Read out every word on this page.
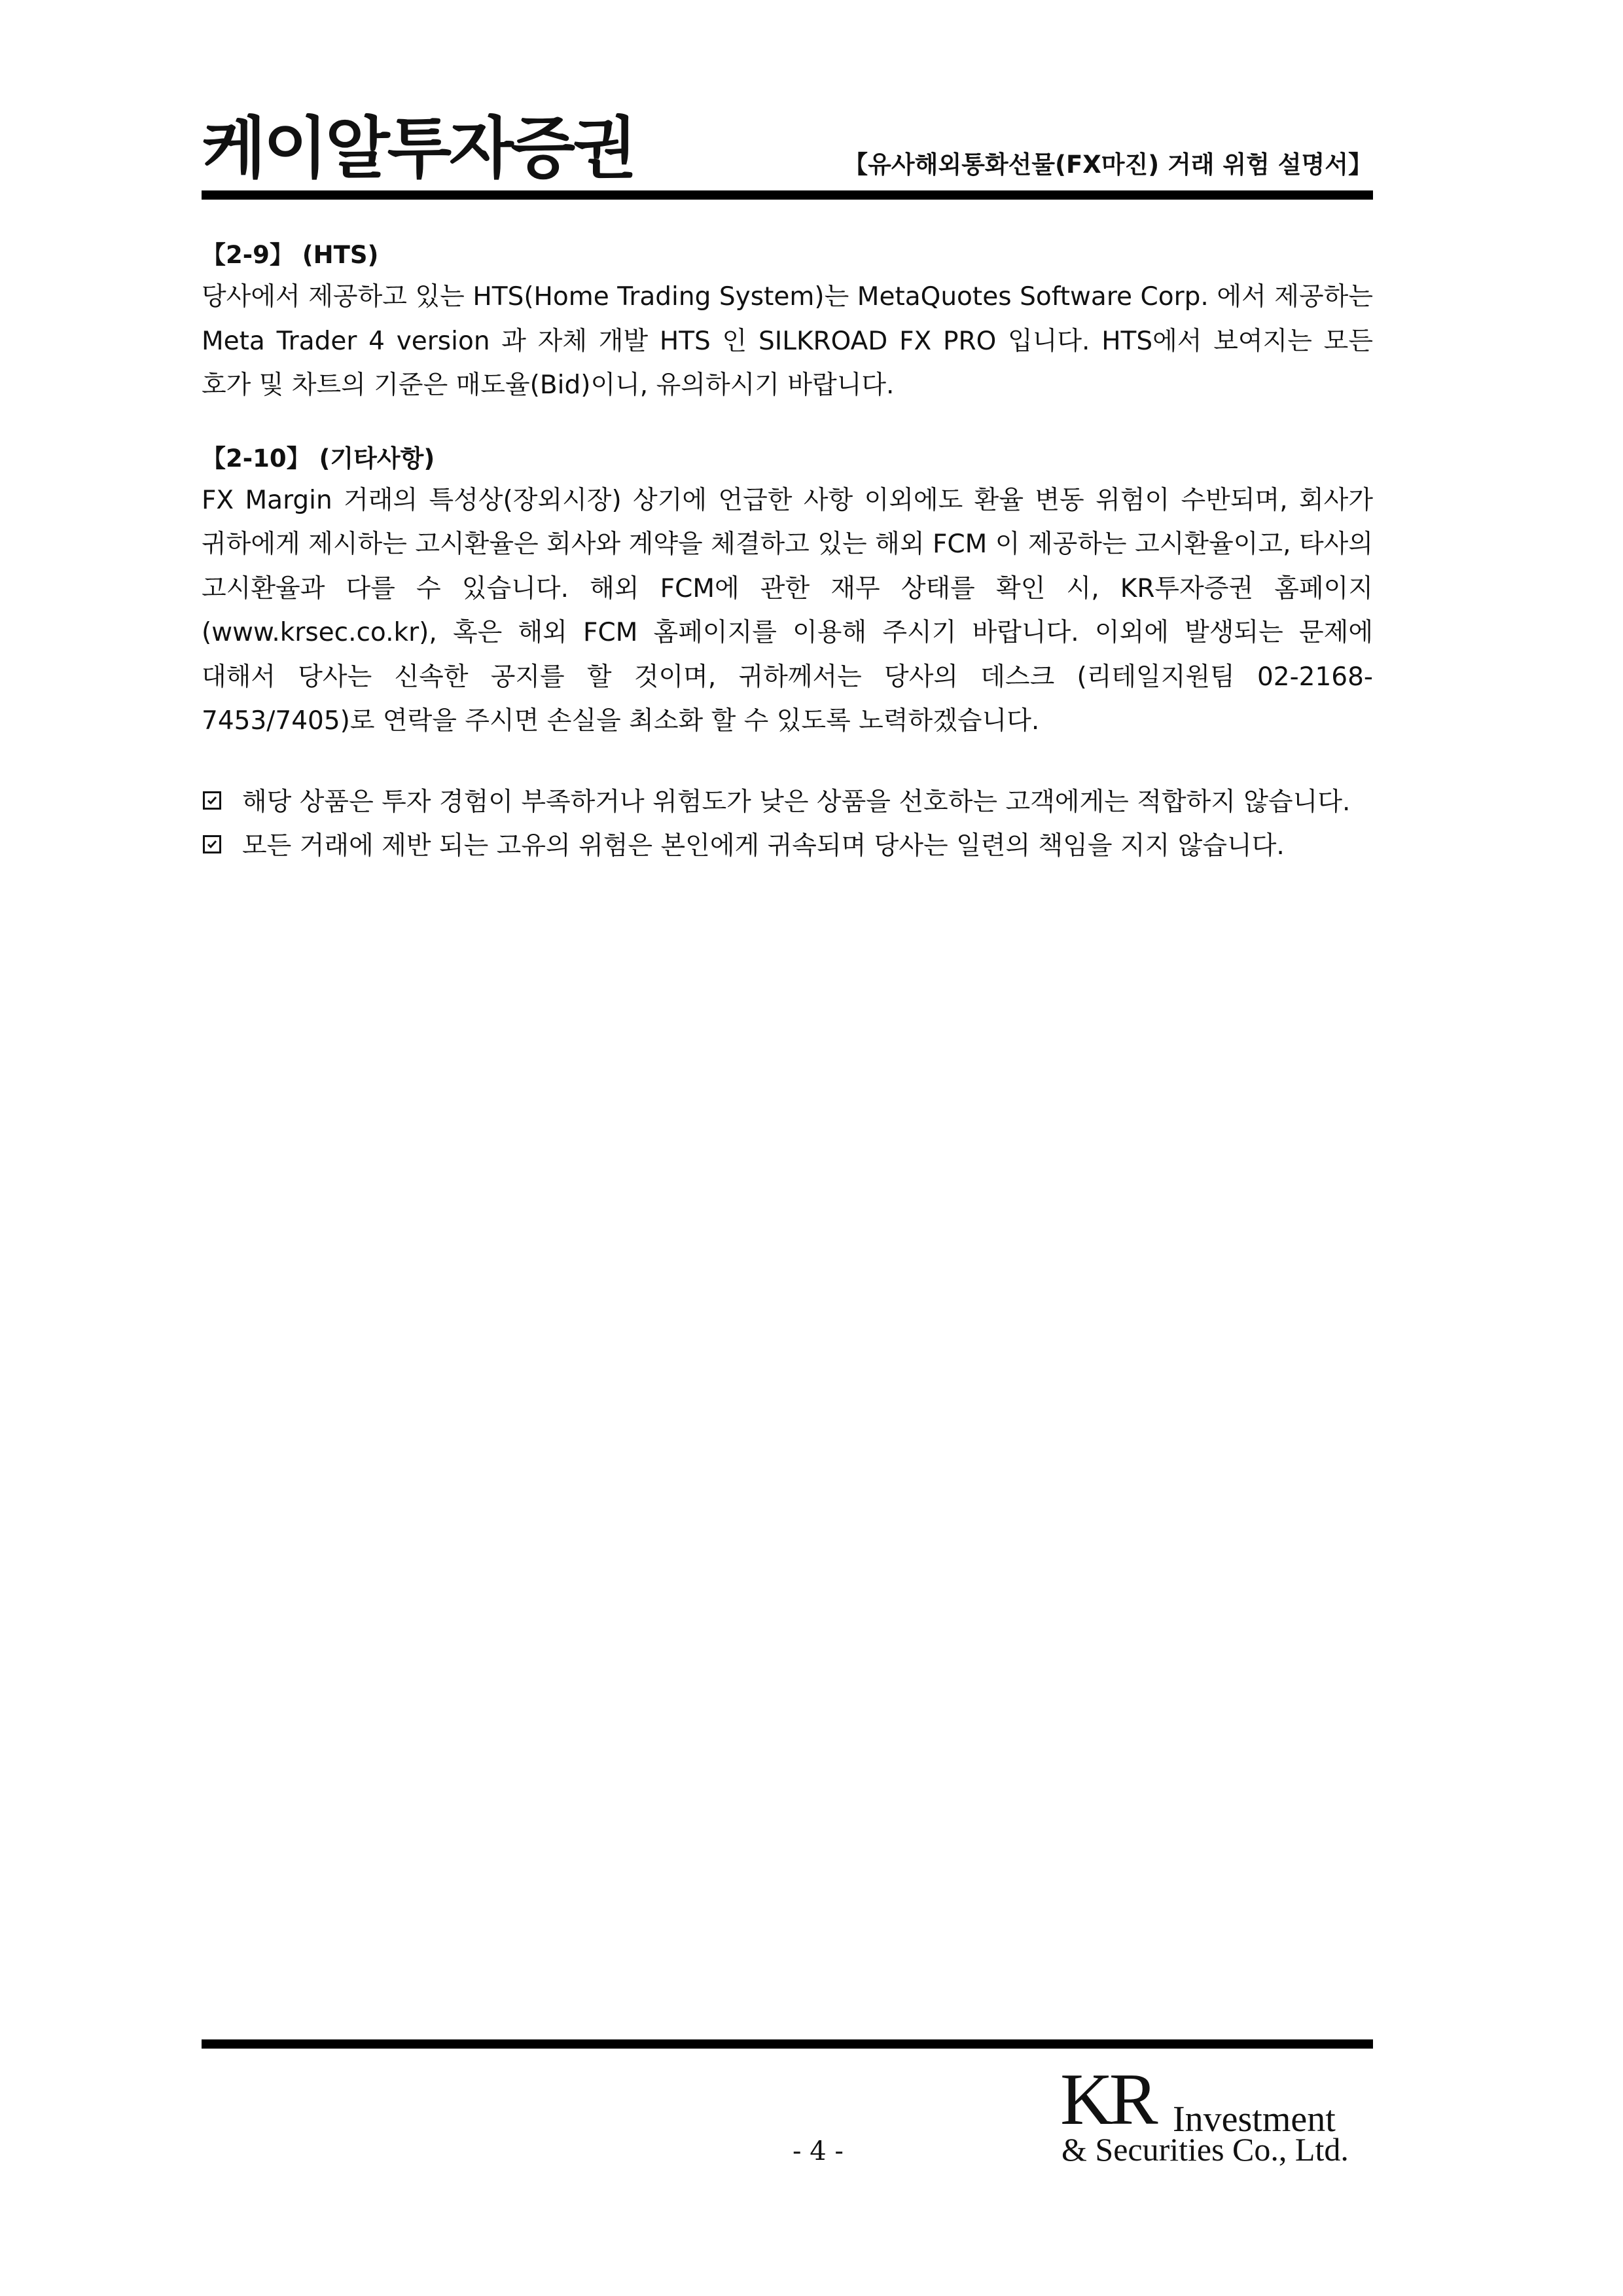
케이알투자증권	【유사해외통화선물(FX마진) 거래 위험 설명서】

【2-9】 (HTS)

당사에서 제공하고 있는 HTS(Home Trading System)는 MetaQuotes Software Corp. 에서 제공하는 Meta Trader 4 version 과 자체 개발 HTS 인 SILKROAD FX PRO 입니다. HTS에서 보여지는 모든 호가 및 차트의 기준은 매도율(Bid)이니, 유의하시기 바랍니다.

【2-10】 (기타사항)

FX Margin 거래의 특성상(장외시장) 상기에 언급한 사항 이외에도 환율 변동 위험이 수반되며, 회사가 귀하에게 제시하는 고시환율은 회사와 계약을 체결하고 있는 해외 FCM 이 제공하는 고시환율이고, 타사의 고시환율과 다를 수 있습니다. 해외 FCM에 관한 재무 상태를 확인 시, KR투자증권 홈페이지(www.krsec.co.kr), 혹은 해외 FCM 홈페이지를 이용해 주시기 바랍니다. 이외에 발생되는 문제에 대해서 당사는 신속한 공지를 할 것이며, 귀하께서는 당사의 데스크 (리테일지원팀 02-2168-7453/7405)로 연락을 주시면 손실을 최소화 할 수 있도록 노력하겠습니다.

해당 상품은 투자 경험이 부족하거나 위험도가 낮은 상품을 선호하는 고객에게는 적합하지 않습니다.
모든 거래에 제반 되는 고유의 위험은 본인에게 귀속되며 당사는 일련의 책임을 지지 않습니다.
- 4 -
KR Investment
& Securities Co., Ltd.
